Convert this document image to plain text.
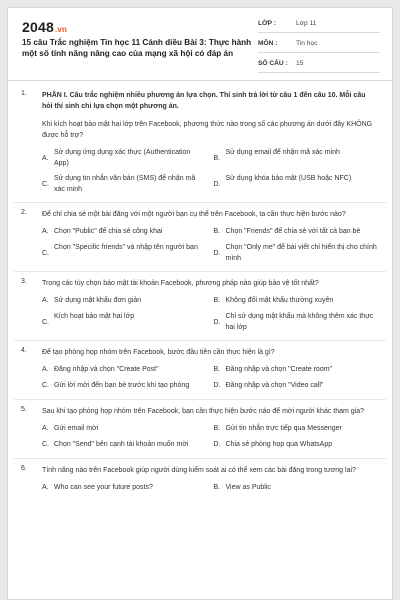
2048.vn
15 câu Trắc nghiệm Tin học 11 Cánh diều Bài 3: Thực hành một số tính năng nâng cao của mạng xã hội có đáp án
LỚP :	Lớp 11
MÔN :	Tin học
SỐ CÂU : 15
1. PHẦN I. Câu trắc nghiệm nhiều phương án lựa chọn. Thí sinh trả lời từ câu 1 đến câu 10. Mỗi câu hỏi thí sinh chỉ lựa chọn một phương án.
Khi kích hoạt bảo mật hai lớp trên Facebook, phương thức nào trong số các phương án dưới đây KHÔNG được hỗ trợ?
A.
Sử dụng ứng dụng xác thực (Authentication App)
B.
Sử dụng email để nhận mã xác minh
C.
Sử dụng tin nhắn văn bản (SMS) để nhận mã xác minh
D.
Sử dụng khóa bảo mật (USB hoặc NFC)
2. Để chỉ chia sẻ một bài đăng với một người bạn cụ thể trên Facebook, ta cần thực hiện bước nào?
A. Chọn "Public" để chia sẻ công khai	B. Chọn "Friends" để chia sẻ với tất cả bạn bè
C.
Chọn "Specific friends" và nhập tên người bạn
D.
Chọn "Only me" để bài viết chỉ hiển thị cho chính mình
3. Trong các tùy chọn bảo mật tài khoản Facebook, phương pháp nào giúp bảo vệ tốt nhất?
A. Sử dụng mật khẩu đơn giản	B. Không đổi mật khẩu thường xuyên
C.
Kích hoạt bảo mật hai lớp
D.
Chỉ sử dụng mật khẩu mà không thêm xác thực hai lớp
4. Để tạo phòng họp nhóm trên Facebook, bước đầu tiên cần thực hiện là gì?
A. Đăng nhập và chọn "Create Post"	B. Đăng nhập và chọn "Create room"
C. Gửi lời mời đến bạn bè trước khi tạo phòng	D. Đăng nhập và chọn "Video call"
5. Sau khi tạo phòng họp nhóm trên Facebook, bạn cần thực hiện bước nào để mời người khác tham gia?
A. Gửi email mời	B. Gửi tin nhắn trực tiếp qua Messenger
C. Chọn "Send" bên cạnh tài khoản muốn mời	D. Chia sẻ phòng họp qua WhatsApp
6. Tính năng nào trên Facebook giúp người dùng kiểm soát ai có thể xem các bài đăng trong tương lai?
A. Who can see your future posts?	B. View as Public
